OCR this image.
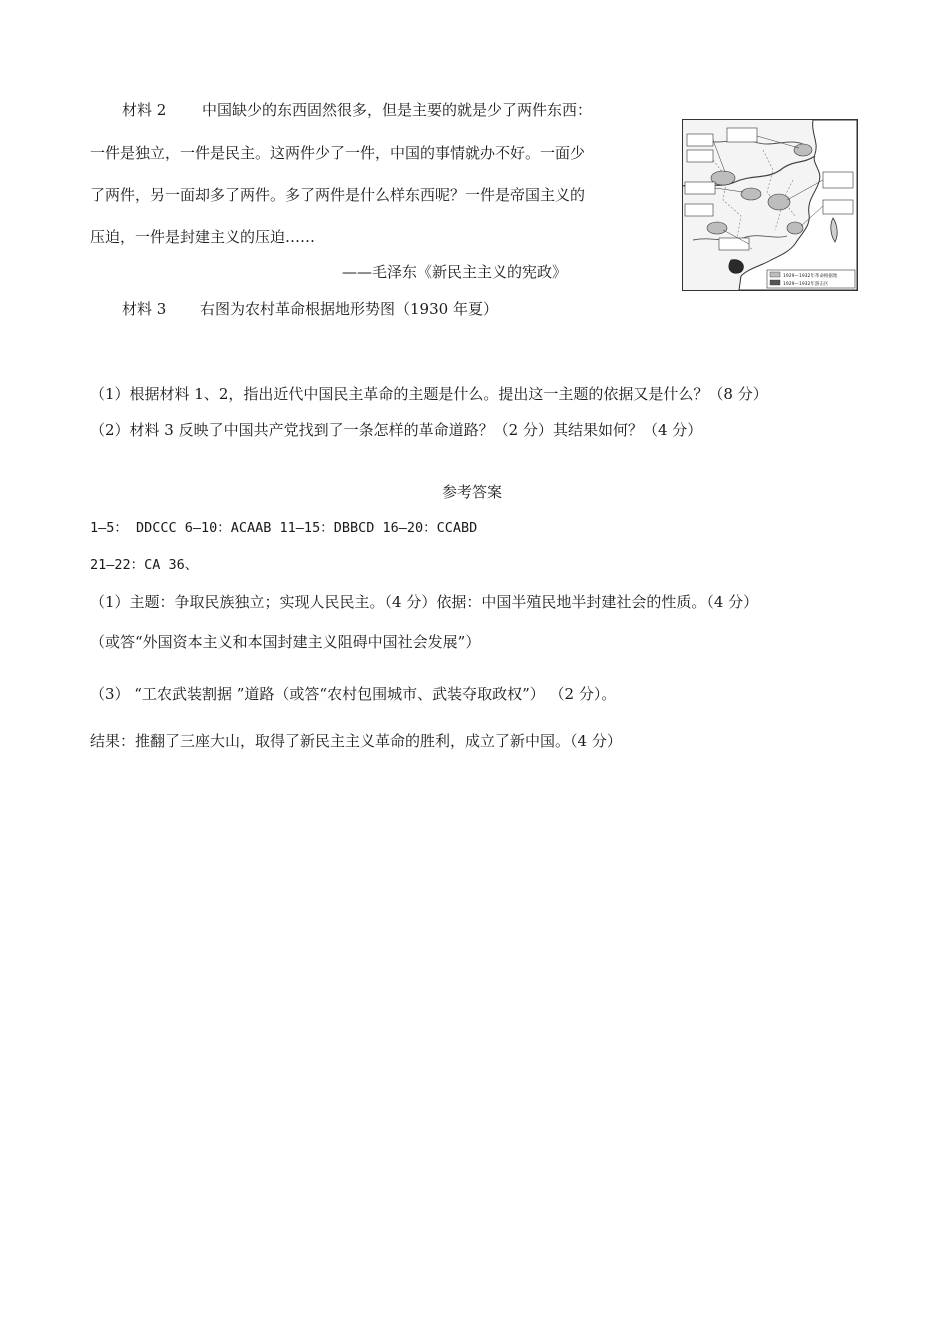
材料 2 中国缺少的东西固然很多，但是主要的就是少了两件东西：
一件是独立，一件是民主。这两件少了一件，中国的事情就办不好。一面少
了两件，另一面却多了两件。多了两件是什么样东西呢？一件是帝国主义的
压迫，一件是封建主义的压迫……
——毛泽东《新民主主义的宪政》
材料 3 右图为农村革命根据地形势图（1930 年夏）
1929—1932年革命根据地
1929—1932年游击区
（1）根据材料 1、2，指出近代中国民主革命的主题是什么。提出这一主题的依据又是什么？（8 分）
（2）材料 3 反映了中国共产党找到了一条怎样的革命道路？（2 分）其结果如何？（4 分）
参考答案
1—5： DDCCC 6—10：ACAAB 11—15：DBBCD 16—20：CCABD
21—22：CA 36、
（1）主题：争取民族独立；实现人民民主。（4 分）依据：中国半殖民地半封建社会的性质。（4 分）
（或答“外国资本主义和本国封建主义阻碍中国社会发展”）
（3） “工农武装割据 ”道路（或答“农村包围城市、武装夺取政权”） （2 分）。
结果：推翻了三座大山，取得了新民主主义革命的胜利，成立了新中国。（4 分）
